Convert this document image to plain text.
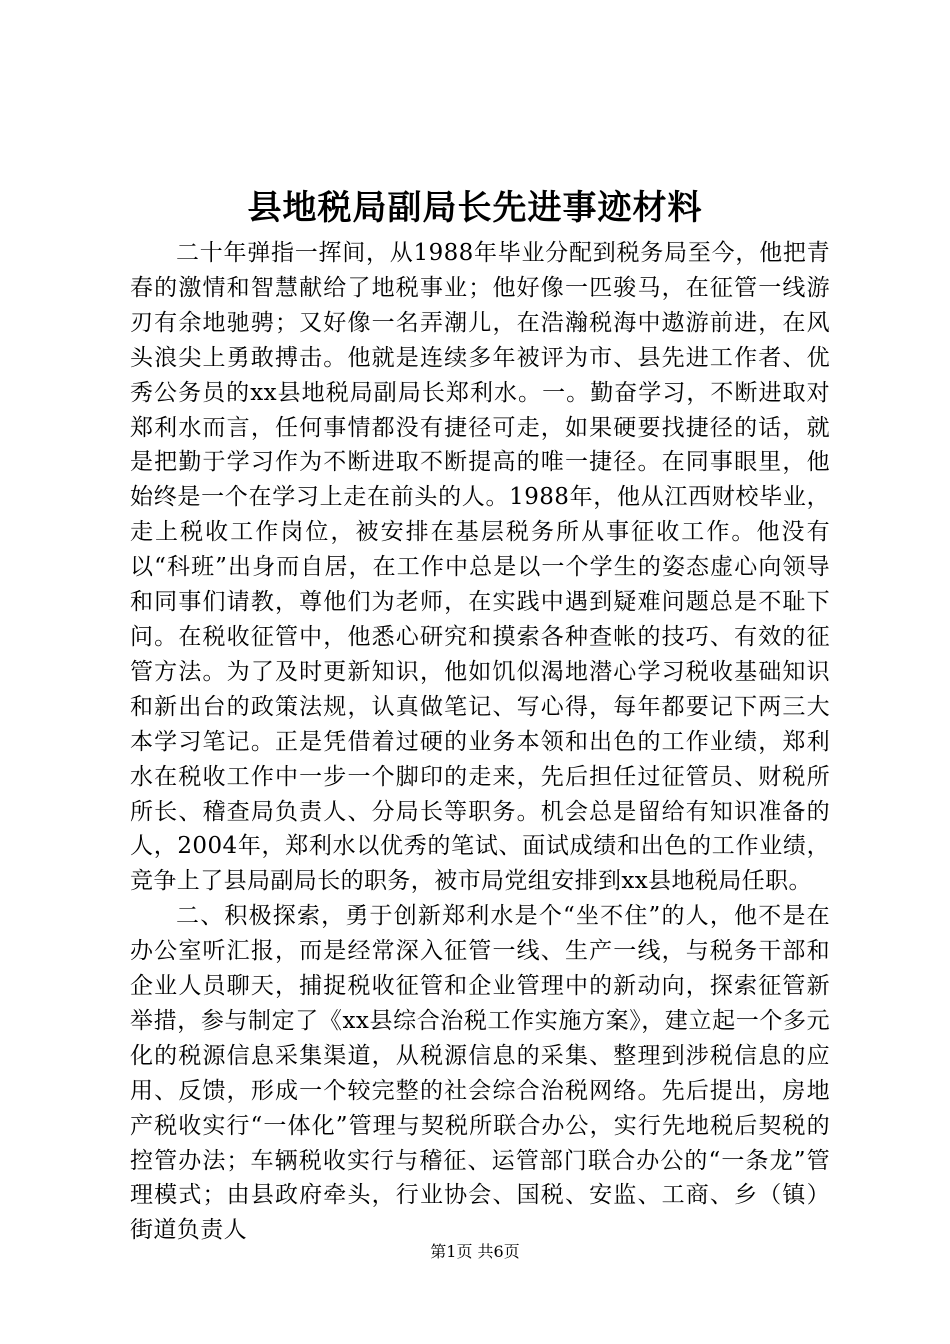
县地税局副局长先进事迹材料

二十年弹指一挥间，从1988年毕业分配到税务局至今，他把青春的激情和智慧献给了地税事业；他好像一匹骏马，在征管一线游刃有余地驰骋；又好像一名弄潮儿，在浩瀚税海中遨游前进，在风头浪尖上勇敢搏击。他就是连续多年被评为市、县先进工作者、优秀公务员的xx县地税局副局长郑利水。一。勤奋学习，不断进取对郑利水而言，任何事情都没有捷径可走，如果硬要找捷径的话，就是把勤于学习作为不断进取不断提高的唯一捷径。在同事眼里，他始终是一个在学习上走在前头的人。1988年，他从江西财校毕业，走上税收工作岗位，被安排在基层税务所从事征收工作。他没有以“科班”出身而自居，在工作中总是以一个学生的姿态虚心向领导和同事们请教，尊他们为老师，在实践中遇到疑难问题总是不耻下问。在税收征管中，他悉心研究和摸索各种查帐的技巧、有效的征管方法。为了及时更新知识，他如饥似渴地潜心学习税收基础知识和新出台的政策法规，认真做笔记、写心得，每年都要记下两三大本学习笔记。正是凭借着过硬的业务本领和出色的工作业绩，郑利水在税收工作中一步一个脚印的走来，先后担任过征管员、财税所所长、稽查局负责人、分局长等职务。机会总是留给有知识准备的人，2004年，郑利水以优秀的笔试、面试成绩和出色的工作业绩，竞争上了县局副局长的职务，被市局党组安排到xx县地税局任职。

二、积极探索，勇于创新郑利水是个“坐不住”的人，他不是在办公室听汇报，而是经常深入征管一线、生产一线，与税务干部和企业人员聊天，捕捉税收征管和企业管理中的新动向，探索征管新举措，参与制定了《xx县综合治税工作实施方案》，建立起一个多元化的税源信息采集渠道，从税源信息的采集、整理到涉税信息的应用、反馈，形成一个较完整的社会综合治税网络。先后提出，房地产税收实行“一体化”管理与契税所联合办公，实行先地税后契税的控管办法；车辆税收实行与稽征、运管部门联合办公的“一条龙”管理模式；由县政府牵头，行业协会、国税、安监、工商、乡（镇）街道负责人

第1页 共6页
